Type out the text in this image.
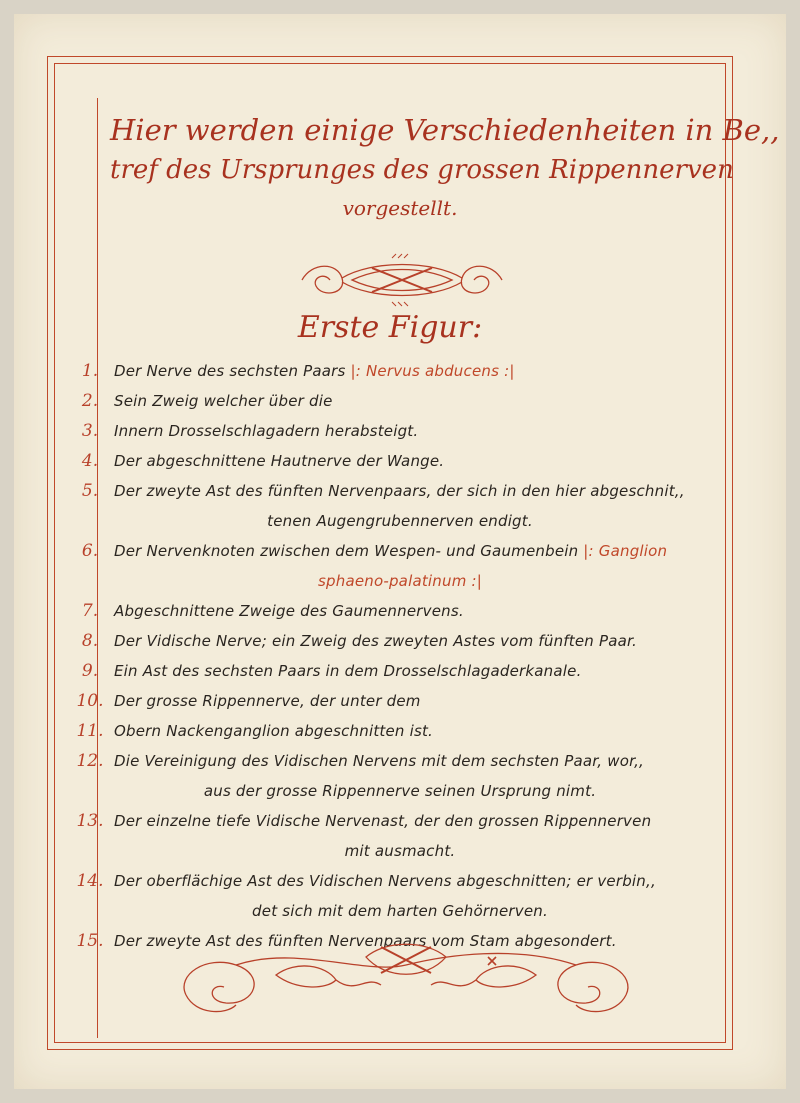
Hier werden einige Verschiedenheiten in Be,,
tref des Ursprunges des grossen Rippennerven
vorgestellt.
Erste Figur:
1.	Der Nerve des sechsten Paars |: Nervus abducens :|
2.	Sein Zweig welcher über die
3.	Innern Drosselschlagadern herabsteigt.
4.	Der abgeschnittene Hautnerve der Wange.
5.	Der zweyte Ast des fünften Nervenpaars, der sich in den hier abgeschnit,,
tenen Augengrubennerven endigt.
6.	Der Nervenknoten zwischen dem Wespen- und Gaumenbein |: Ganglion
sphaeno-palatinum :|
7.	Abgeschnittene Zweige des Gaumennervens.
8.	Der Vidische Nerve; ein Zweig des zweyten Astes vom fünften Paar.
9.	Ein Ast des sechsten Paars in dem Drosselschlagaderkanale.
10. Der grosse Rippennerve, der unter dem
11. Obern Nackenganglion abgeschnitten ist.
12. Die Vereinigung des Vidischen Nervens mit dem sechsten Paar, wor,,
aus der grosse Rippennerve seinen Ursprung nimt.
13. Der einzelne tiefe Vidische Nervenast, der den grossen Rippennerven
mit ausmacht.
14. Der oberflächige Ast des Vidischen Nervens abgeschnitten; er verbin,,
det sich mit dem harten Gehörnerven.
15. Der zweyte Ast des fünften Nervenpaars vom Stam abgesondert.
